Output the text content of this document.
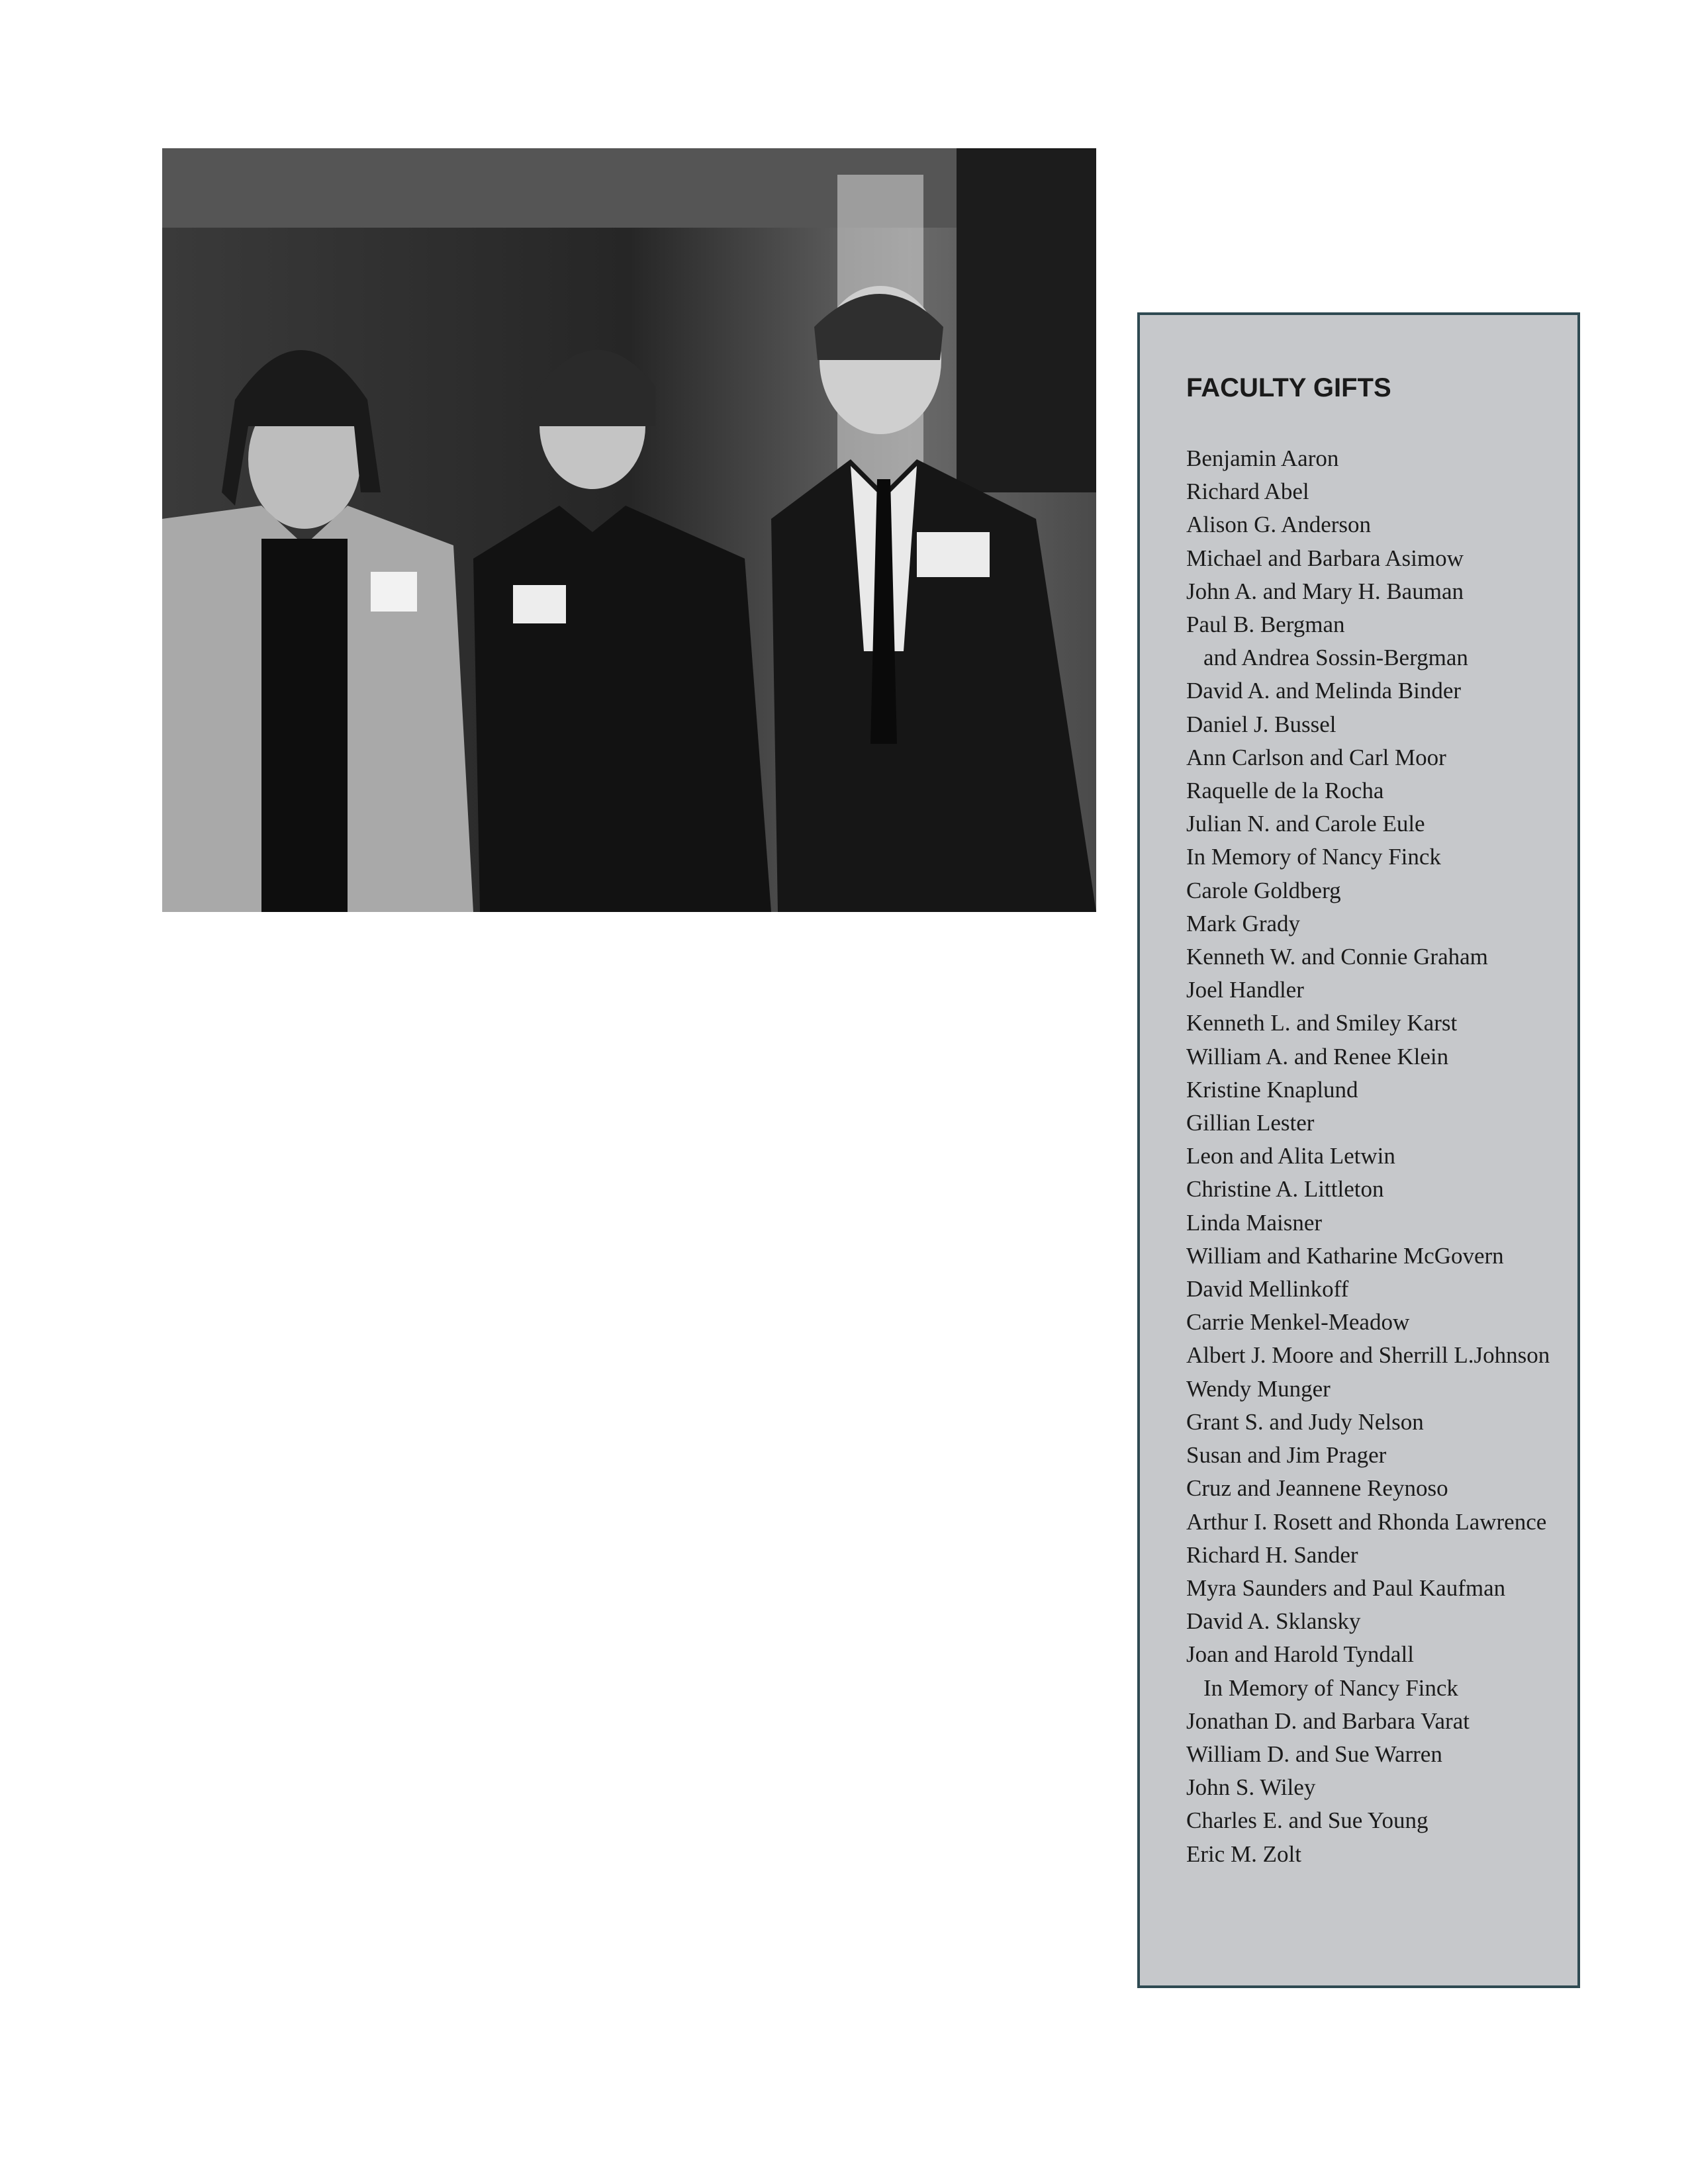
FACULTY GIFTS
Benjamin Aaron
Richard Abel
Alison G. Anderson
Michael and Barbara Asimow
John A. and Mary H. Bauman
Paul B. Bergman
and Andrea Sossin-Bergman
David A. and Melinda Binder
Daniel J. Bussel
Ann Carlson and Carl Moor
Raquelle de la Rocha
Julian N. and Carole Eule
In Memory of Nancy Finck
Carole Goldberg
Mark Grady
Kenneth W. and Connie Graham
Joel Handler
Kenneth L. and Smiley Karst
William A. and Renee Klein
Kristine Knaplund
Gillian Lester
Leon and Alita Letwin
Christine A. Littleton
Linda Maisner
William and Katharine McGovern
David Mellinkoff
Carrie Menkel-Meadow
Albert J. Moore and Sherrill L.Johnson
Wendy Munger
Grant S. and Judy Nelson
Susan and Jim Prager
Cruz and Jeannene Reynoso
Arthur I. Rosett and Rhonda Lawrence
Richard H. Sander
Myra Saunders and Paul Kaufman
David A. Sklansky
Joan and Harold Tyndall
In Memory of Nancy Finck
Jonathan D. and Barbara Varat
William D. and Sue Warren
John S. Wiley
Charles E. and Sue Young
Eric M. Zolt
